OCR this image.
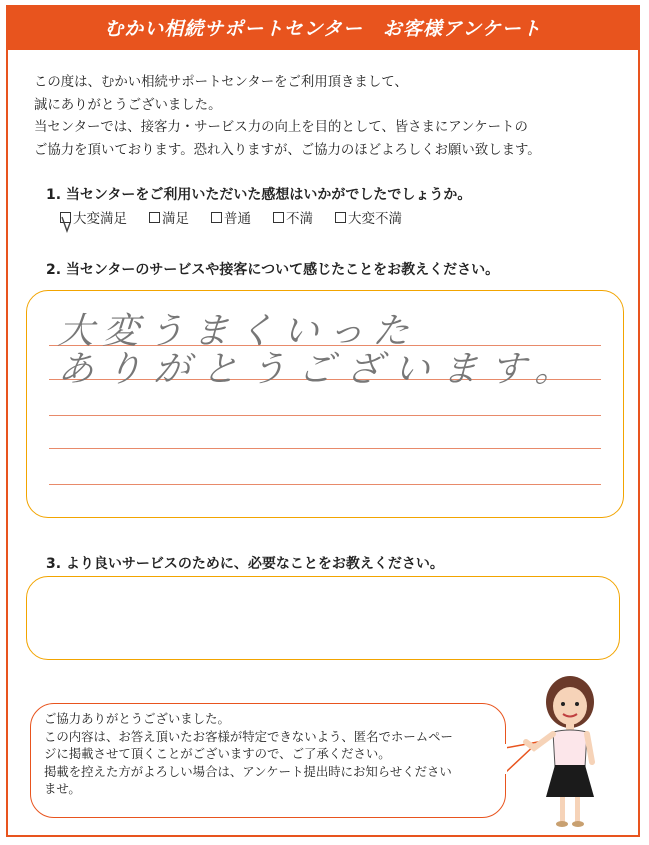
むかい相続サポートセンター　お客様アンケート
この度は、むかい相続サポートセンターをご利用頂きまして、
誠にありがとうございました。
当センターでは、接客力・サービス力の向上を目的として、皆さまにアンケートの
ご協力を頂いております。恐れ入りますが、ご協力のほどよろしくお願い致します。
1. 当センターをご利用いただいた感想はいかがでしたでしょうか。
大変満足	満足	普通	不満	大変不満
2. 当センターのサービスや接客について感じたことをお教えください。
大変うまくいった
ありがとうございます。
3. より良いサービスのために、必要なことをお教えください。
ご協力ありがとうございました。
この内容は、お答え頂いたお客様が特定できないよう、匿名でホームペー
ジに掲載させて頂くことがございますので、ご了承ください。
掲載を控えた方がよろしい場合は、アンケート提出時にお知らせください
ませ。
